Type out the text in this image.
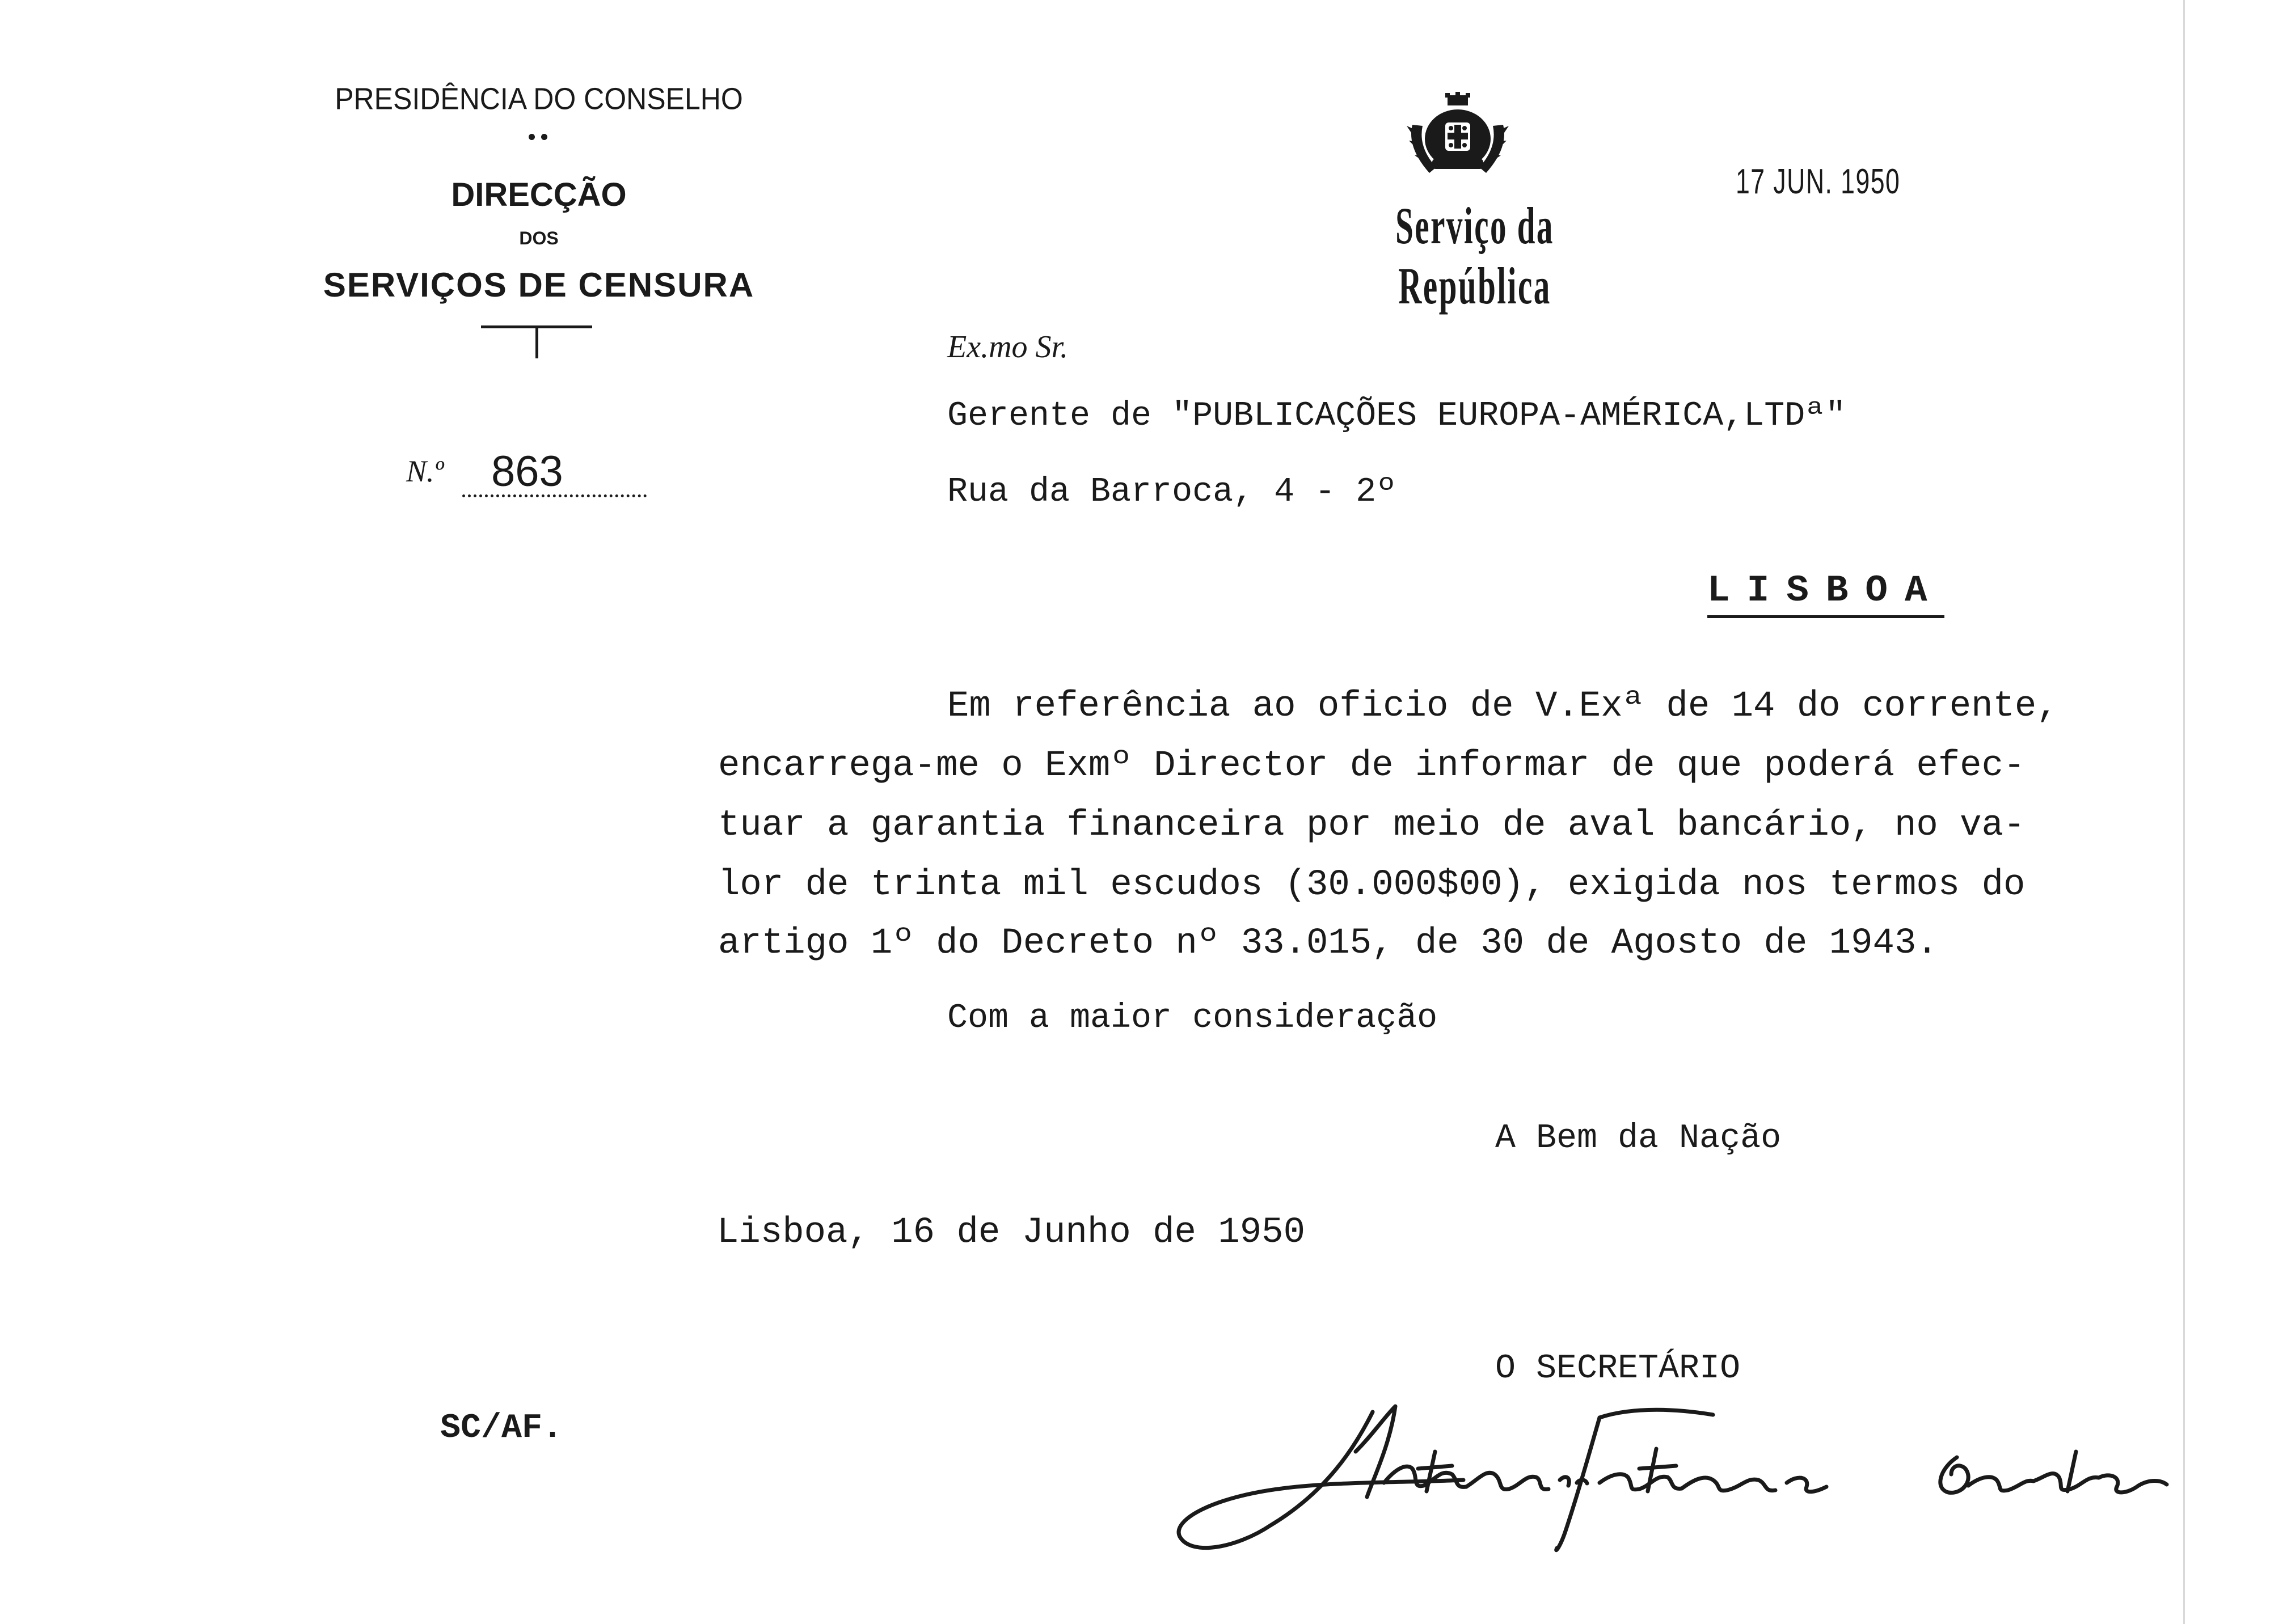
PRESIDÊNCIA DO CONSELHO
DIRECÇÃO
DOS
SERVIÇOS DE CENSURA
N.º 863
Serviço da República
17 JUN. 1950
Ex.mo Sr.
Gerente de "PUBLICAÇÕES EUROPA-AMÉRICA,LTDª"
Rua da Barroca, 4 - 2º
LISBOA
Em referência ao oficio de V.Exª de 14 do corrente,
encarrega-me o Exmº Director de informar de que poderá efec-
tuar a garantia financeira por meio de aval bancário, no va-
lor de trinta mil escudos (30.000$00), exigida nos termos do
artigo 1º do Decreto nº 33.015, de 30 de Agosto de 1943.
Com a maior consideração
A Bem da Nação
Lisboa, 16 de Junho de 1950
O SECRETÁRIO
SC/AF.
